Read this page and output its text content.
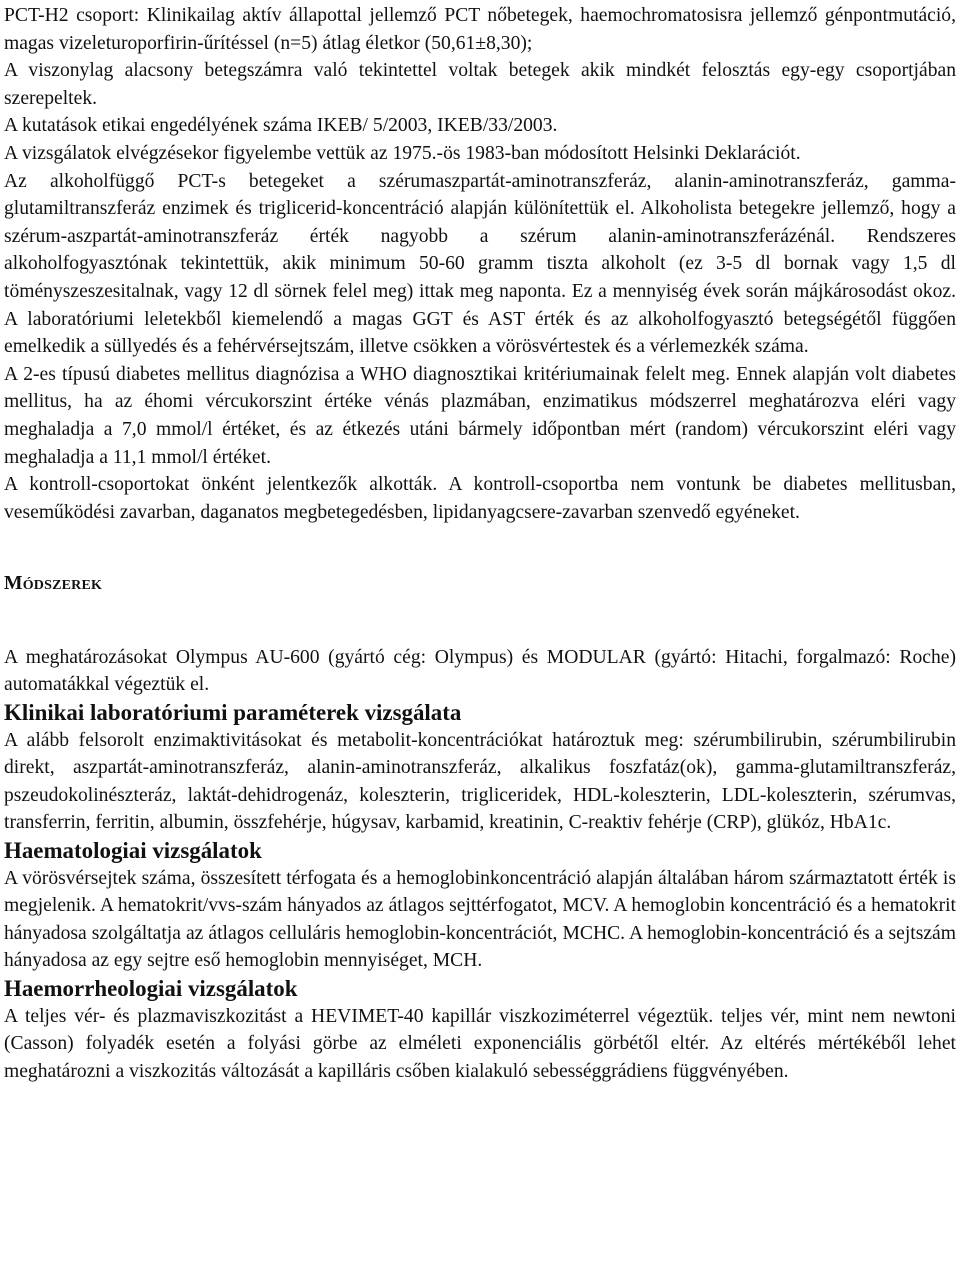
PCT-H2 csoport: Klinikailag aktív állapottal jellemző PCT nőbetegek, haemochromatosisra jellemző génpontmutáció, magas vizeleturoporfirin-űrítéssel (n=5) átlag életkor (50,61±8,30);

A viszonylag alacsony betegszámra való tekintettel voltak betegek akik mindkét felosztás egy-egy csoportjában szerepeltek.

A kutatások etikai engedélyének száma IKEB/ 5/2003, IKEB/33/2003.

A vizsgálatok elvégzésekor figyelembe vettük az 1975.-ös 1983-ban módosított Helsinki Deklarációt.

Az alkoholfüggő PCT-s betegeket a szérumaszpartát-aminotranszferáz, alanin-aminotranszferáz, gamma-glutamiltranszferáz enzimek és triglicerid-koncentráció alapján különítettük el. Alkoholista betegekre jellemző, hogy a szérum-aszpartát-aminotranszferáz érték nagyobb a szérum alanin-aminotranszferázénál. Rendszeres alkoholfogyasztónak tekintettük, akik minimum 50-60 gramm tiszta alkoholt (ez 3-5 dl bornak vagy 1,5 dl töményszeszesitalnak, vagy 12 dl sörnek felel meg) ittak meg naponta. Ez a mennyiség évek során májkárosodást okoz. A laboratóriumi leletekből kiemelendő a magas GGT és AST érték és az alkoholfogyasztó betegségétől függően emelkedik a süllyedés és a fehérvérsejtszám, illetve csökken a vörösvértestek és a vérlemezkék száma.

A 2-es típusú diabetes mellitus diagnózisa a WHO diagnosztikai kritériumainak felelt meg. Ennek alapján volt diabetes mellitus, ha az éhomi vércukorszint értéke vénás plazmában, enzimatikus módszerrel meghatározva eléri vagy meghaladja a 7,0 mmol/l értéket, és az étkezés utáni bármely időpontban mért (random) vércukorszint eléri vagy meghaladja a 11,1 mmol/l értéket.

A kontroll-csoportokat önként jelentkezők alkották. A kontroll-csoportba nem vontunk be diabetes mellitusban, veseműködési zavarban, daganatos megbetegedésben, lipidanyagcsere-zavarban szenvedő egyéneket.

Módszerek

A meghatározásokat Olympus AU-600 (gyártó cég: Olympus) és MODULAR (gyártó: Hitachi, forgalmazó: Roche) automatákkal végeztük el.

Klinikai laboratóriumi paraméterek vizsgálata

A alább felsorolt enzimaktivitásokat és metabolit-koncentrációkat határoztuk meg: szérumbilirubin, szérumbilirubin direkt, aszpartát-aminotranszferáz, alanin-aminotranszferáz, alkalikus foszfatáz(ok), gamma-glutamiltranszferáz, pszeudokolinészteráz, laktát-dehidrogenáz, koleszterin, trigliceridek, HDL-koleszterin, LDL-koleszterin, szérumvas, transferrin, ferritin, albumin, összfehérje, húgysav, karbamid, kreatinin, C-reaktiv fehérje (CRP), glükóz, HbA1c.

Haematologiai vizsgálatok

A vörösvérsejtek száma, összesített térfogata és a hemoglobinkoncentráció alapján általában három származtatott érték is megjelenik. A hematokrit/vvs-szám hányados az átlagos sejttérfogatot, MCV. A hemoglobin koncentráció és a hematokrit hányadosa szolgáltatja az átlagos celluláris hemoglobin-koncentrációt, MCHC. A hemoglobin-koncentráció és a sejtszám hányadosa az egy sejtre eső hemoglobin mennyiséget, MCH.

Haemorrheologiai vizsgálatok

A teljes vér- és plazmaviszkozitást a HEVIMET-40 kapillár viszkoziméterrel végeztük. teljes vér, mint nem newtoni (Casson) folyadék esetén a folyási görbe az elméleti exponenciális görbétől eltér. Az eltérés mértékéből lehet meghatározni a viszkozitás változását a kapilláris csőben kialakuló sebességgrádiens függvényében.
